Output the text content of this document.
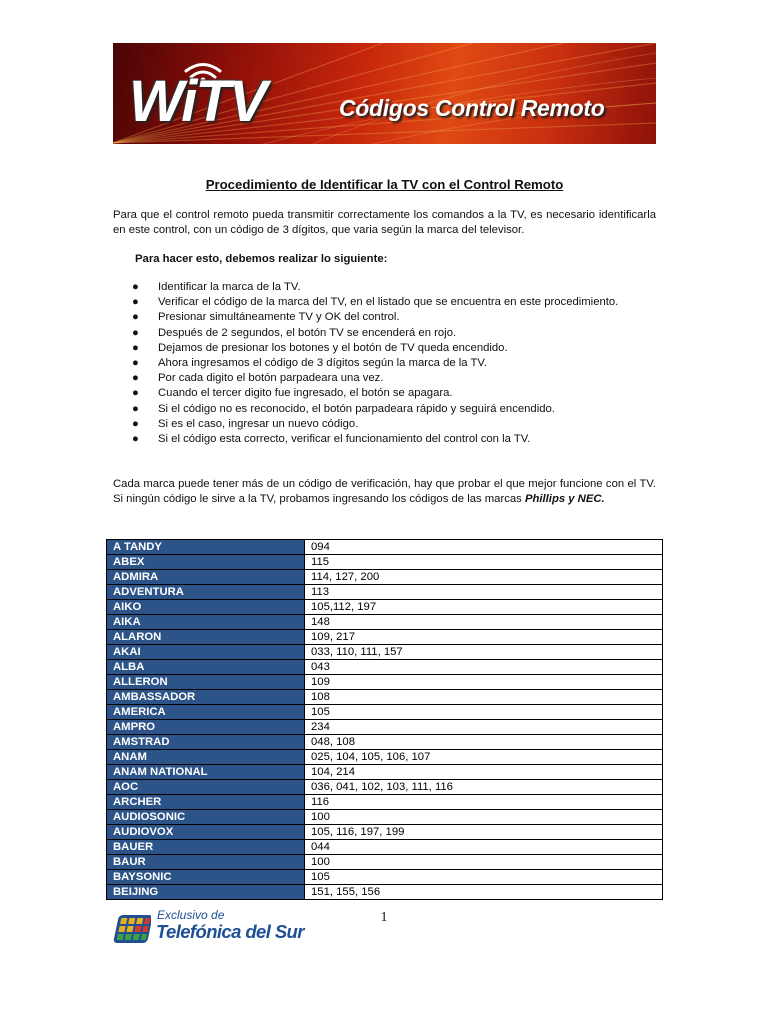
WiTV	Códigos Control Remoto
Procedimiento de Identificar la TV con el Control Remoto

Para que el control remoto pueda transmitir correctamente los comandos a la TV, es necesario identificarla en este control, con un código de 3 dígitos, que varia según la marca del televisor.

Para hacer esto, debemos realizar lo siguiente:
● Identificar la marca de la TV.
● Verificar el código de la marca del TV, en el listado que se encuentra en este procedimiento.
● Presionar simultáneamente TV y OK del control.
● Después de 2 segundos, el botón TV se encenderá en rojo.
● Dejamos de presionar los botones y el botón de TV queda encendido.
● Ahora ingresamos el código de 3 dígitos según la marca de la TV.
● Por cada digito el botón parpadeara una vez.
● Cuando el tercer digito fue ingresado, el botón se apagara.
● Si el código no es reconocido, el botón parpadeara rápido y seguirá encendido.
● Si es el caso, ingresar un nuevo código.
● Si el código esta correcto, verificar el funcionamiento del control con la TV.

Cada marca puede tener más de un código de verificación, hay que probar el que mejor funcione con el TV. Si ningún código le sirve a la TV, probamos ingresando los códigos de las marcas Phillips y NEC.

A TANDY	094
ABEX	115
ADMIRA	114, 127, 200
ADVENTURA	113
AIKO	105,112, 197
AIKA	148
ALARON	109, 217
AKAI	033, 110, 111, 157
ALBA	043
ALLERON	109
AMBASSADOR	108
AMERICA	105
AMPRO	234
AMSTRAD	048, 108
ANAM	025, 104, 105, 106, 107
ANAM NATIONAL	104, 214
AOC	036, 041, 102, 103, 111, 116
ARCHER	116
AUDIOSONIC	100
AUDIOVOX	105, 116, 197, 199
BAUER	044
BAUR	100
BAYSONIC	105
BEIJING	151, 155, 156
Exclusivo de
Telefónica del Sur
1
